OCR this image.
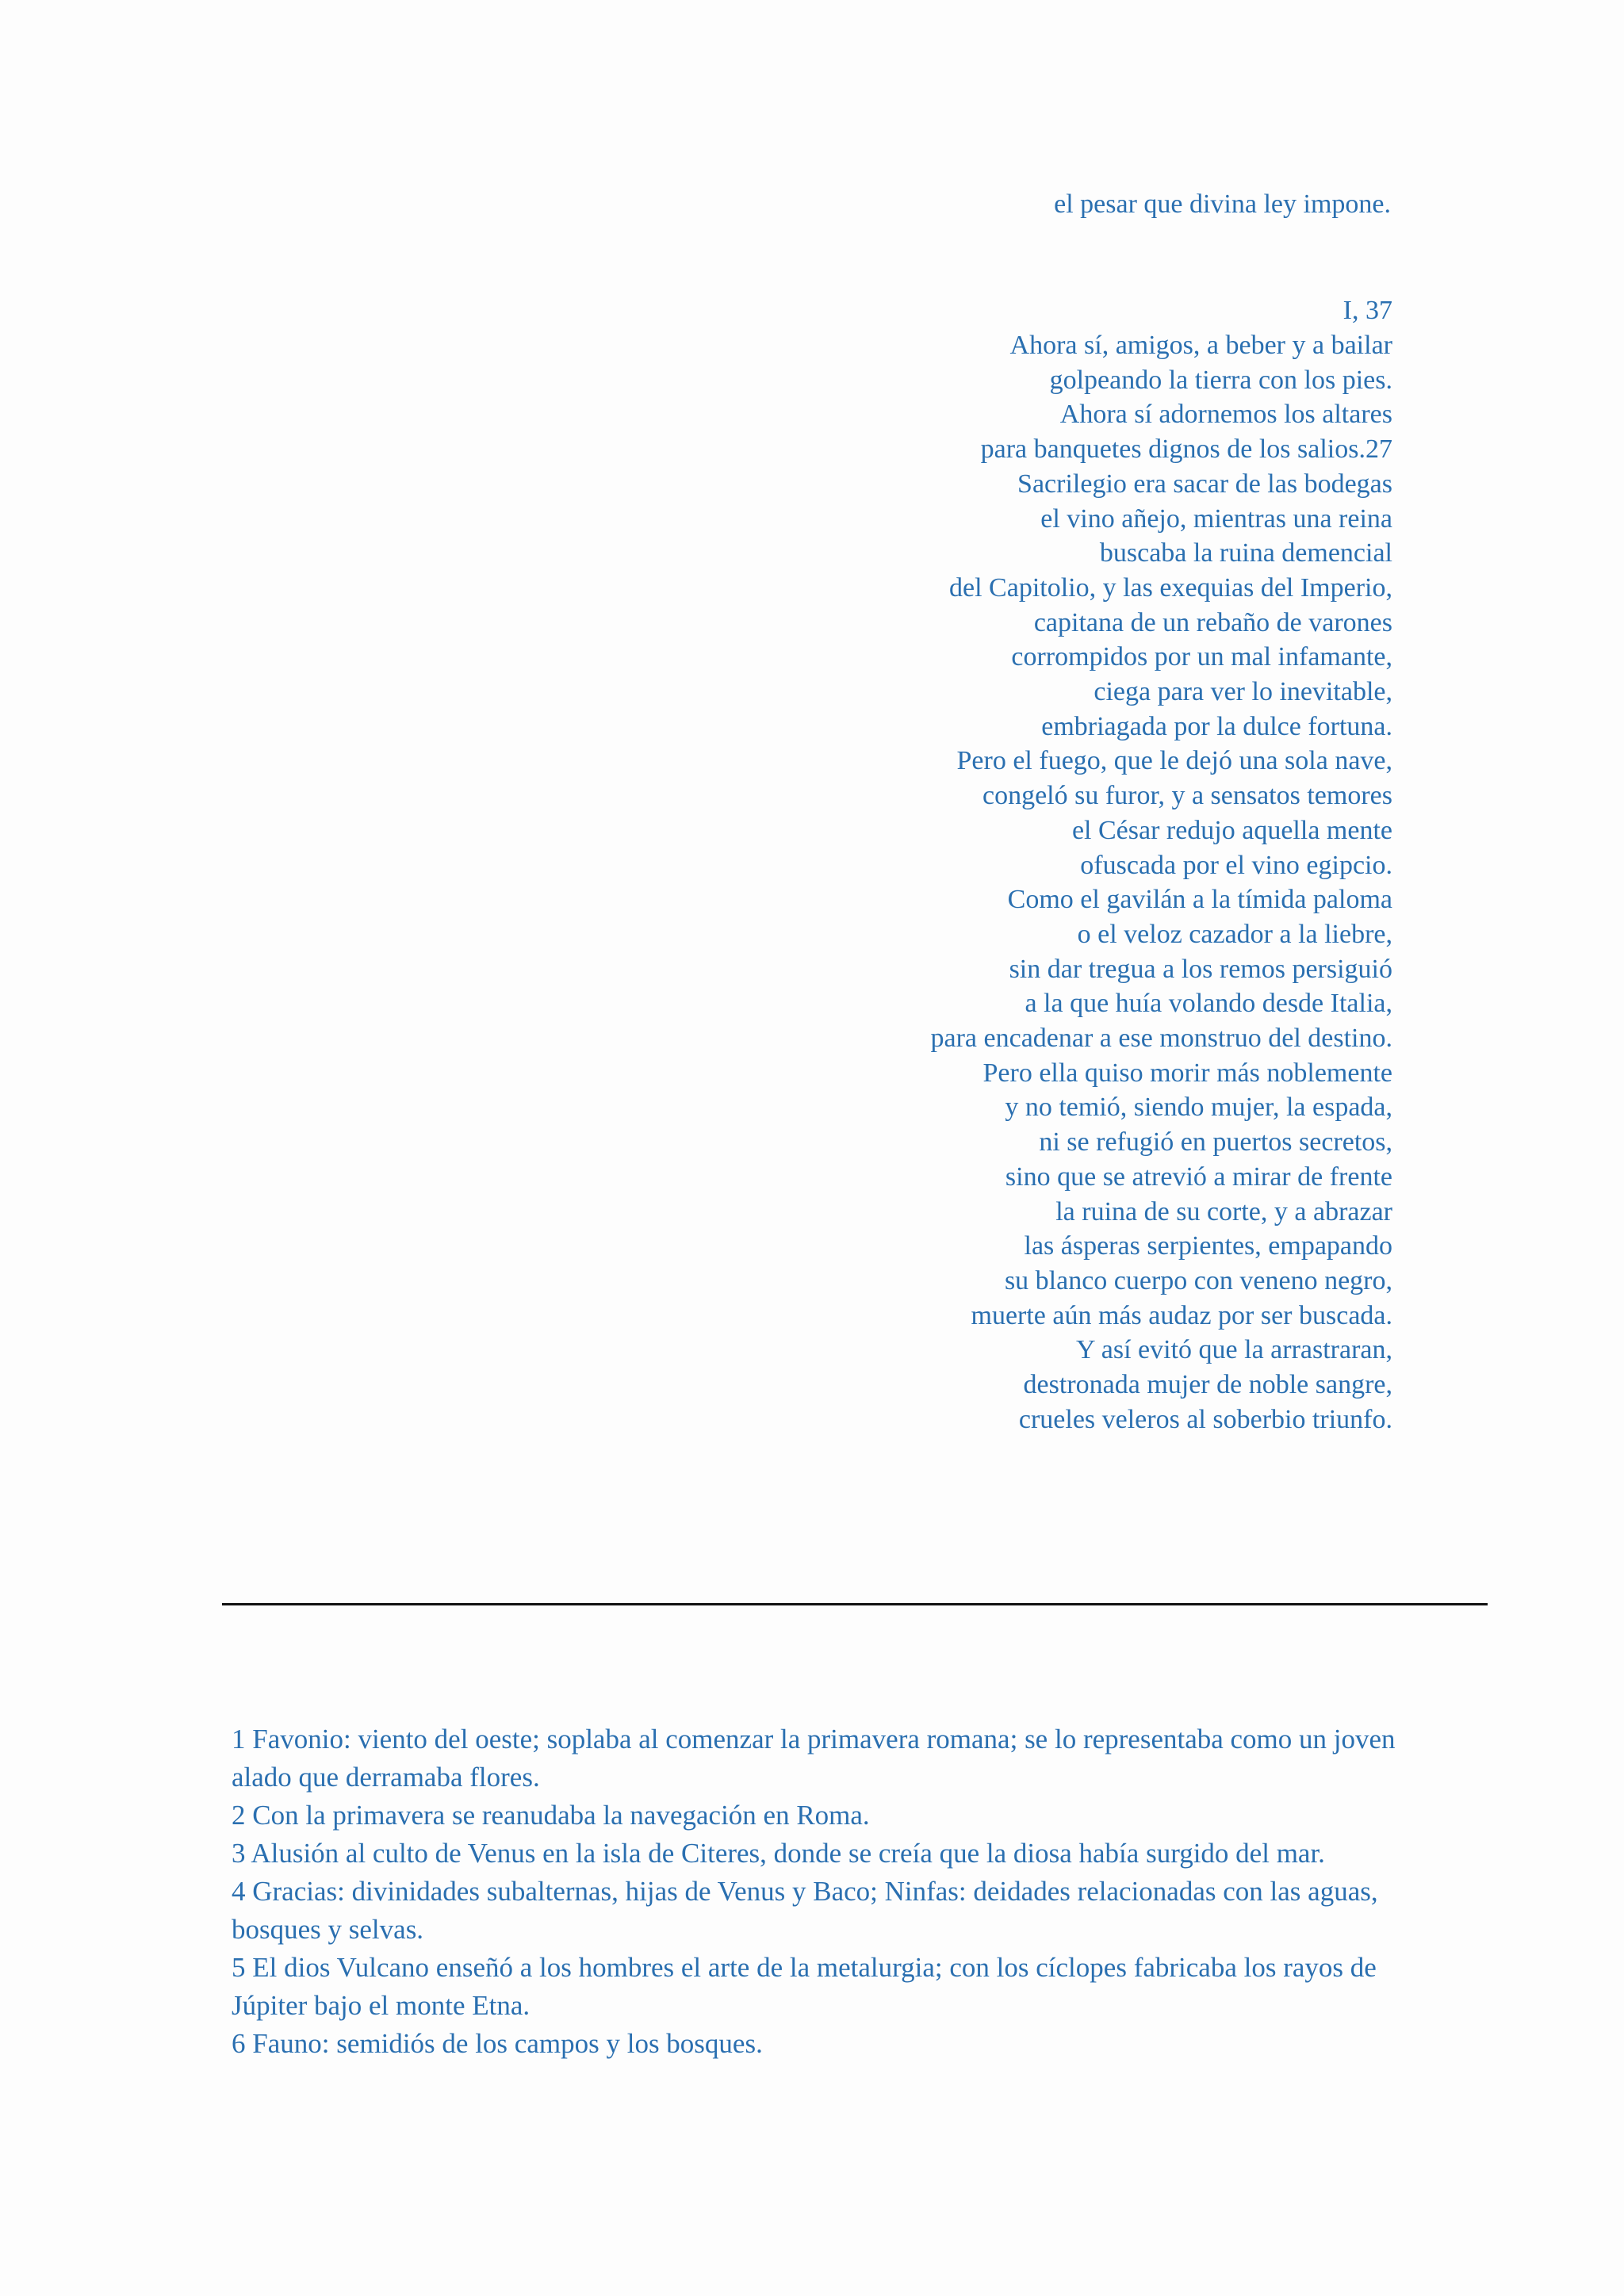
el pesar que divina ley impone.
I, 37
Ahora sí, amigos, a beber y a bailar
golpeando la tierra con los pies.
Ahora sí adornemos los altares
para banquetes dignos de los salios.27
Sacrilegio era sacar de las bodegas
el vino añejo, mientras una reina
buscaba la ruina demencial
del Capitolio, y las exequias del Imperio,
capitana de un rebaño de varones
corrompidos por un mal infamante,
ciega para ver lo inevitable,
embriagada por la dulce fortuna.
Pero el fuego, que le dejó una sola nave,
congeló su furor, y a sensatos temores
el César redujo aquella mente
ofuscada por el vino egipcio.
Como el gavilán a la tímida paloma
o el veloz cazador a la liebre,
sin dar tregua a los remos persiguió
a la que huía volando desde Italia,
para encadenar a ese monstruo del destino.
Pero ella quiso morir más noblemente
y no temió, siendo mujer, la espada,
ni se refugió en puertos secretos,
sino que se atrevió a mirar de frente
la ruina de su corte, y a abrazar
las ásperas serpientes, empapando
su blanco cuerpo con veneno negro,
muerte aún más audaz por ser buscada.
Y así evitó que la arrastraran,
destronada mujer de noble sangre,
crueles veleros al soberbio triunfo.

1 Favonio: viento del oeste; soplaba al comenzar la primavera romana; se lo representaba como un joven alado que derramaba flores.

2 Con la primavera se reanudaba la navegación en Roma.

3 Alusión al culto de Venus en la isla de Citeres, donde se creía que la diosa había surgido del mar.

4 Gracias: divinidades subalternas, hijas de Venus y Baco; Ninfas: deidades relacionadas con las aguas, bosques y selvas.

5 El dios Vulcano enseñó a los hombres el arte de la metalurgia; con los cíclopes fabricaba los rayos de Júpiter bajo el monte Etna.

6 Fauno: semidiós de los campos y los bosques.
